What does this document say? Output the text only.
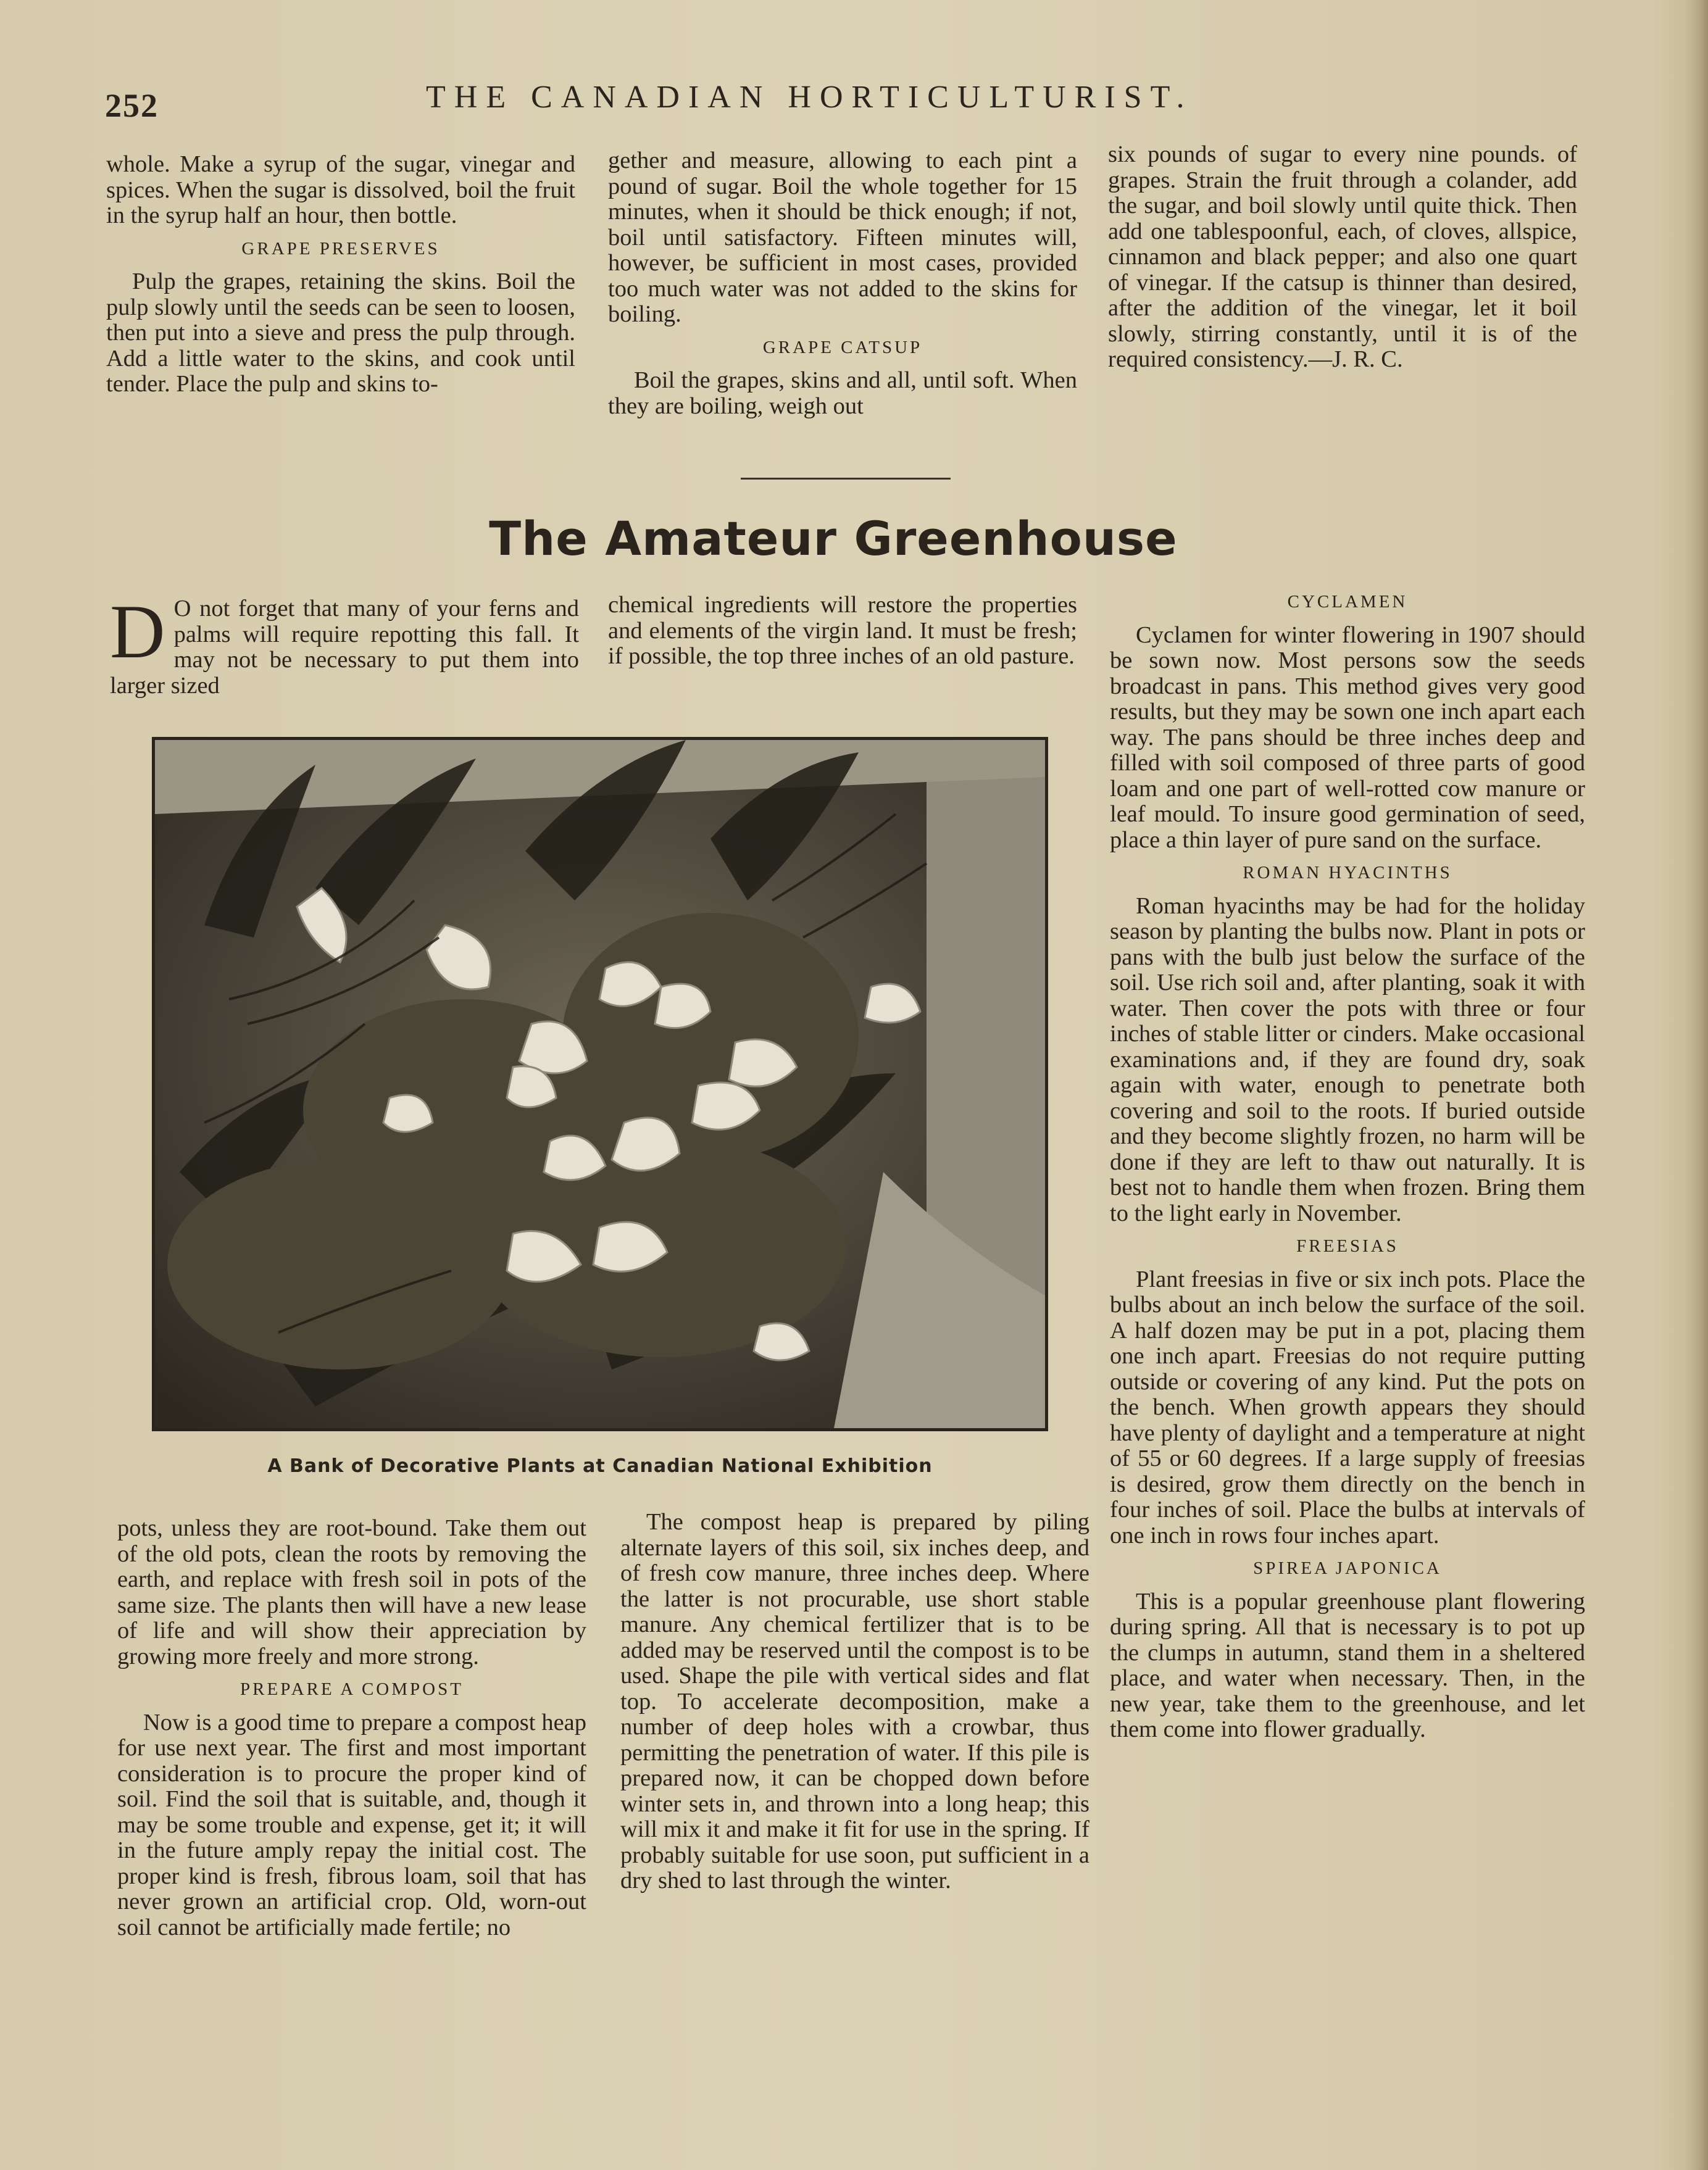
252	THE CANADIAN HORTICULTURIST.

whole. Make a syrup of the sugar, vinegar and spices. When the sugar is dissolved, boil the fruit in the syrup half an hour, then bottle.

GRAPE PRESERVES

Pulp the grapes, retaining the skins. Boil the pulp slowly until the seeds can be seen to loosen, then put into a sieve and press the pulp through. Add a little water to the skins, and cook until tender. Place the pulp and skins to-

gether and measure, allowing to each pint a pound of sugar. Boil the whole together for 15 minutes, when it should be thick enough; if not, boil until satisfactory. Fifteen minutes will, however, be sufficient in most cases, provided too much water was not added to the skins for boiling.

GRAPE CATSUP

Boil the grapes, skins and all, until soft. When they are boiling, weigh out

six pounds of sugar to every nine pounds. of grapes. Strain the fruit through a colander, add the sugar, and boil slowly until quite thick. Then add one tablespoonful, each, of cloves, allspice, cinnamon and black pepper; and also one quart of vinegar. If the catsup is thinner than desired, after the addition of the vinegar, let it boil slowly, stirring constantly, until it is of the required consistency.—J. R. C.

The Amateur Greenhouse

D O not forget that many of your ferns and palms will require repotting this fall. It may not be necessary to put them into larger sized

chemical ingredients will restore the properties and elements of the virgin land. It must be fresh; if possible, the top three inches of an old pasture.

A Bank of Decorative Plants at Canadian National Exhibition

pots, unless they are root-bound. Take them out of the old pots, clean the roots by removing the earth, and replace with fresh soil in pots of the same size. The plants then will have a new lease of life and will show their appreciation by growing more freely and more strong.

PREPARE A COMPOST

Now is a good time to prepare a compost heap for use next year. The first and most important consideration is to procure the proper kind of soil. Find the soil that is suitable, and, though it may be some trouble and expense, get it; it will in the future amply repay the initial cost. The proper kind is fresh, fibrous loam, soil that has never grown an artificial crop. Old, worn-out soil cannot be artificially made fertile; no

The compost heap is prepared by piling alternate layers of this soil, six inches deep, and of fresh cow manure, three inches deep. Where the latter is not procurable, use short stable manure. Any chemical fertilizer that is to be added may be reserved until the compost is to be used. Shape the pile with vertical sides and flat top. To accelerate decomposition, make a number of deep holes with a crowbar, thus permitting the penetration of water. If this pile is prepared now, it can be chopped down before winter sets in, and thrown into a long heap; this will mix it and make it fit for use in the spring. If probably suitable for use soon, put sufficient in a dry shed to last through the winter.

CYCLAMEN

Cyclamen for winter flowering in 1907 should be sown now. Most persons sow the seeds broadcast in pans. This method gives very good results, but they may be sown one inch apart each way. The pans should be three inches deep and filled with soil composed of three parts of good loam and one part of well-rotted cow manure or leaf mould. To insure good germination of seed, place a thin layer of pure sand on the surface.

ROMAN HYACINTHS

Roman hyacinths may be had for the holiday season by planting the bulbs now. Plant in pots or pans with the bulb just below the surface of the soil. Use rich soil and, after planting, soak it with water. Then cover the pots with three or four inches of stable litter or cinders. Make occasional examinations and, if they are found dry, soak again with water, enough to penetrate both covering and soil to the roots. If buried outside and they become slightly frozen, no harm will be done if they are left to thaw out naturally. It is best not to handle them when frozen. Bring them to the light early in November.

FREESIAS

Plant freesias in five or six inch pots. Place the bulbs about an inch below the surface of the soil. A half dozen may be put in a pot, placing them one inch apart. Freesias do not require putting outside or covering of any kind. Put the pots on the bench. When growth appears they should have plenty of daylight and a temperature at night of 55 or 60 degrees. If a large supply of freesias is desired, grow them directly on the bench in four inches of soil. Place the bulbs at intervals of one inch in rows four inches apart.

SPIREA JAPONICA

This is a popular greenhouse plant flowering during spring. All that is necessary is to pot up the clumps in autumn, stand them in a sheltered place, and water when necessary. Then, in the new year, take them to the greenhouse, and let them come into flower gradually.
